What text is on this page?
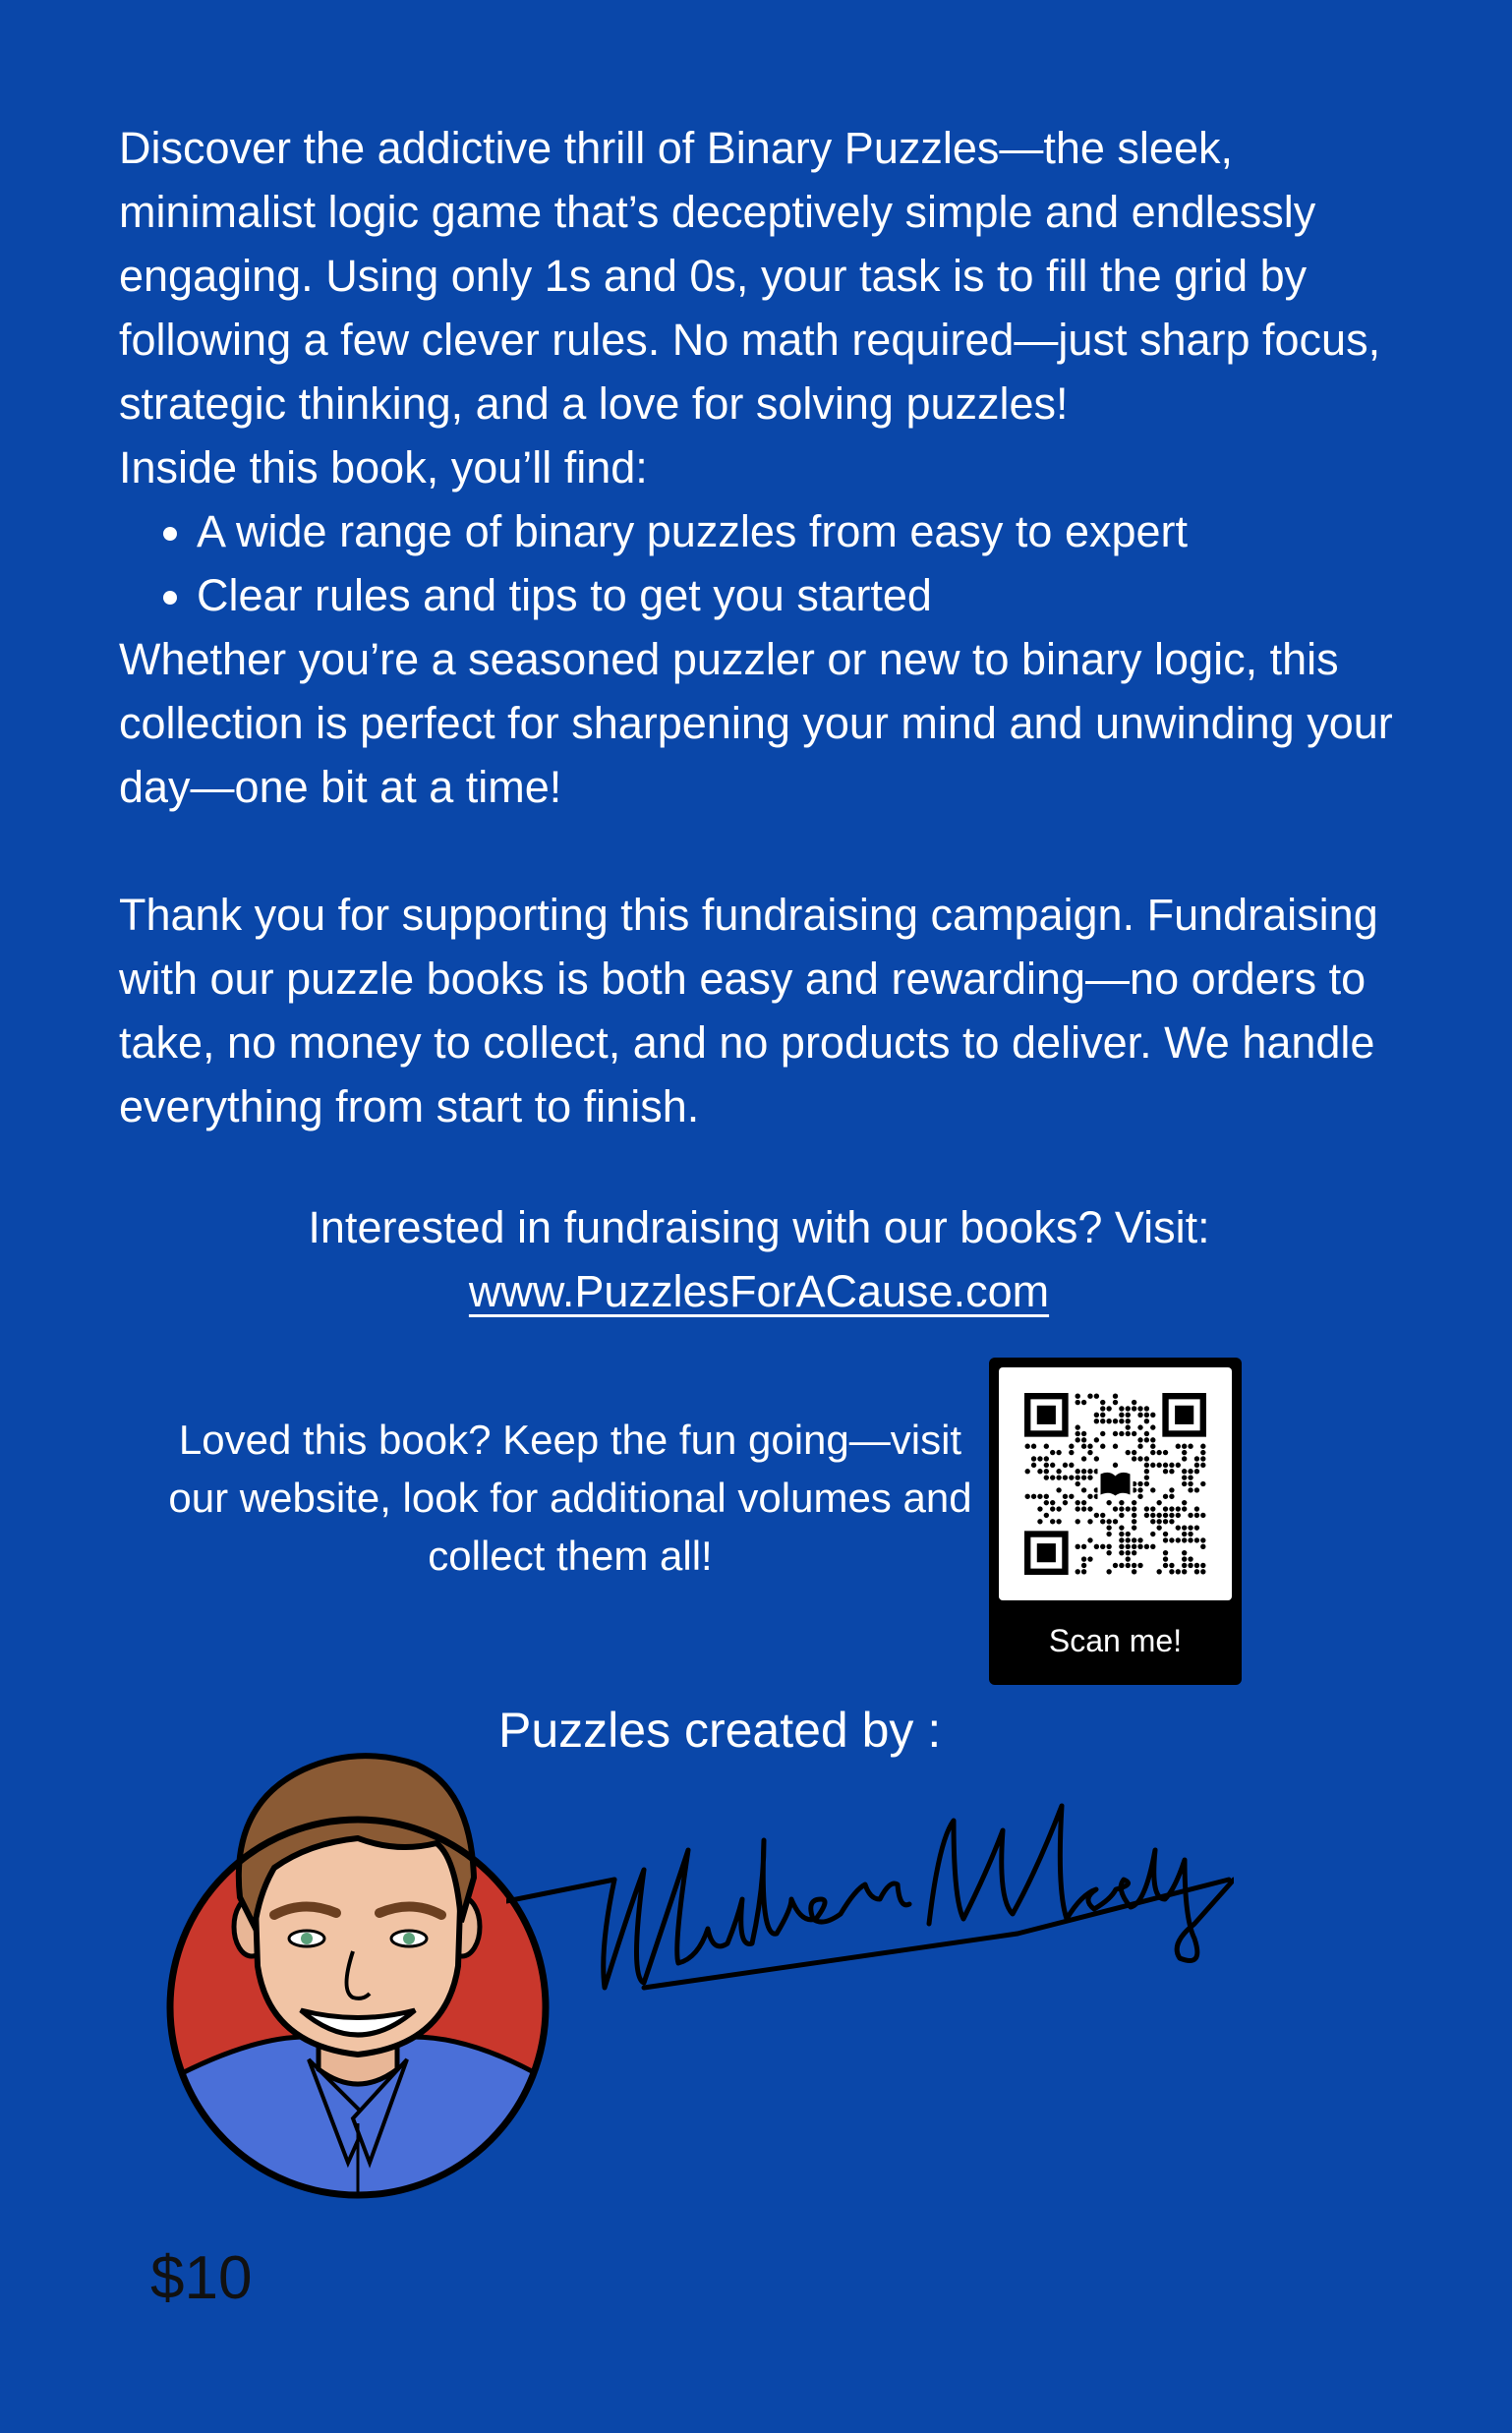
Discover the addictive thrill of Binary Puzzles—the sleek, minimalist logic game that’s deceptively simple and endlessly engaging. Using only 1s and 0s, your task is to fill the grid by following a few clever rules. No math required—just sharp focus, strategic thinking, and a love for solving puzzles!

Inside this book, you’ll find:

• A wide range of binary puzzles from easy to expert
• Clear rules and tips to get you started

Whether you’re a seasoned puzzler or new to binary logic, this collection is perfect for sharpening your mind and unwinding your day—one bit at a time!

Thank you for supporting this fundraising campaign. Fundraising with our puzzle books is both easy and rewarding—no orders to take, no money to collect, and no products to deliver. We handle everything from start to finish.

Interested in fundraising with our books? Visit:
www.PuzzlesForACause.com
Loved this book? Keep the fun going—visit our website, look for additional volumes and collect them all!
Scan me!
Puzzles created by :
$10
